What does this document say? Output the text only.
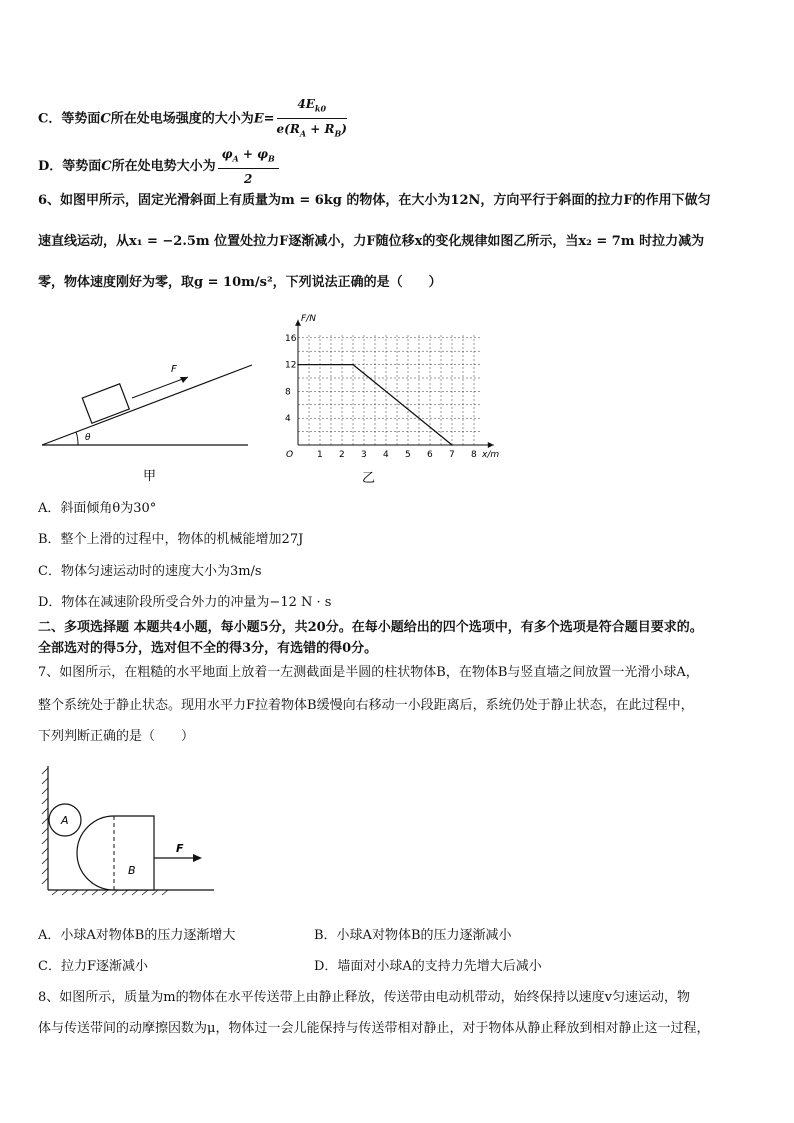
C．等势面C所在处电场强度的大小为$E= \frac{4E_{k0}}{e(R_A + R_B)}$
D．等势面C所在处电势大小为 $\frac{\varphi_A + \varphi_B}{2}$
6、如图甲所示，固定光滑斜面上有质量为m = 6kg 的物体，在大小为12N，方向平行于斜面的拉力F的作用下做匀
速直线运动，从x₁ = −2.5m 位置处拉力F逐渐减小，力F随位移x的变化规律如图乙所示，当x₂ = 7m 时拉力减为
零，物体速度刚好为零，取g = 10m/s²，下列说法正确的是（　　）
F
θ
甲
1 2 3 4 5 6 7 8
4
8
12
16
F/N
x/m
O
乙
A．斜面倾角θ为30°
B．整个上滑的过程中，物体的机械能增加27J
C．物体匀速运动时的速度大小为3m/s
D．物体在减速阶段所受合外力的冲量为−12 N · s
二、多项选择题 本题共4小题，每小题5分，共20分。在每小题给出的四个选项中，有多个选项是符合题目要求的。
全部选对的得5分，选对但不全的得3分，有选错的得0分。
7、如图所示，在粗糙的水平地面上放着一左测截面是半圆的柱状物体B，在物体B与竖直墙之间放置一光滑小球A，
整个系统处于静止状态。现用水平力F拉着物体B缓慢向右移动一小段距离后，系统仍处于静止状态，在此过程中，
下列判断正确的是（　　）
B
A
F
A．小球A对物体B的压力逐渐增大	B．小球A对物体B的压力逐渐减小
C．拉力F逐渐减小	D．墙面对小球A的支持力先增大后减小
8、如图所示，质量为m的物体在水平传送带上由静止释放，传送带由电动机带动，始终保持以速度v匀速运动，物
体与传送带间的动摩擦因数为μ，物体过一会儿能保持与传送带相对静止，对于物体从静止释放到相对静止这一过程，
